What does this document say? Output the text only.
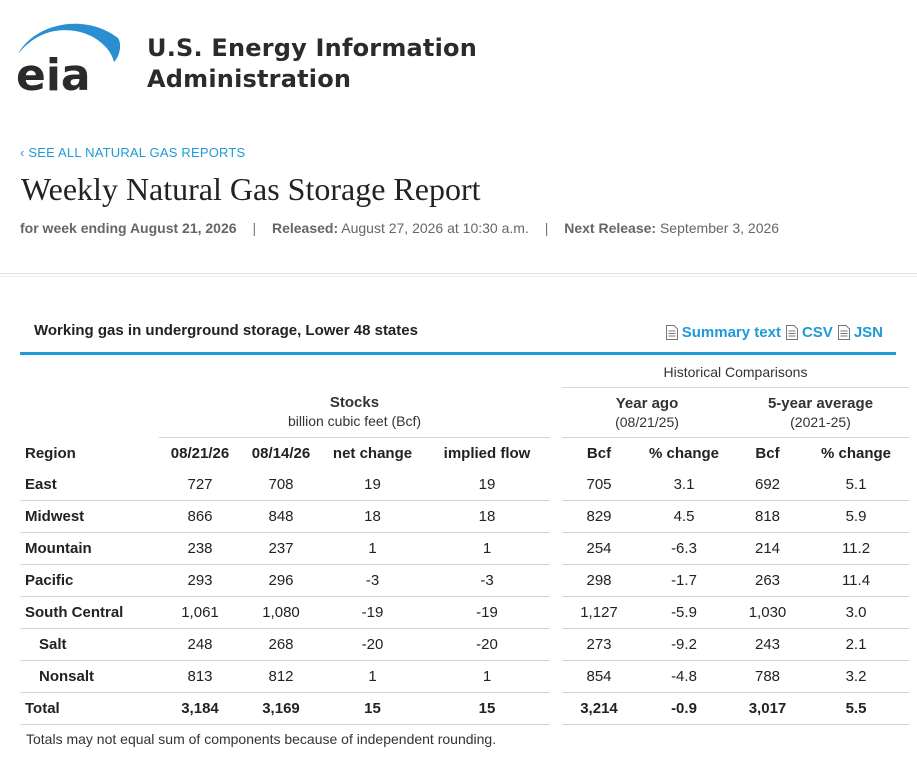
eia
U.S. Energy Information
Administration
‹ SEE ALL NATURAL GAS REPORTS
Weekly Natural Gas Storage Report
for week ending August 21, 2026 | Released: August 27, 2026 at 10:30 a.m. | Next Release: September 3, 2026
Working gas in underground storage, Lower 48 states	Summary text CSV JSN
						Historical Comparisons			

	Stocks
billion cubic feet (Bcf)					Year ago
(08/21/25)		5-year average
(2021-25)	
Region	08/21/26	08/14/26	net change	implied flow		Bcf	% change	Bcf	% change
East	727	708	19	19		705	3.1	692	5.1
Midwest	866	848	18	18		829	4.5	818	5.9
Mountain	238	237	1	1		254	-6.3	214	11.2
Pacific	293	296	-3	-3		298	-1.7	263	11.4
South Central	1,061	1,080	-19	-19		1,127	-5.9	1,030	3.0
Salt	248	268	-20	-20		273	-9.2	243	2.1
Nonsalt	813	812	1	1		854	-4.8	788	3.2
Total	3,184	3,169	15	15		3,214	-0.9	3,017	5.5
Totals may not equal sum of components because of independent rounding.
